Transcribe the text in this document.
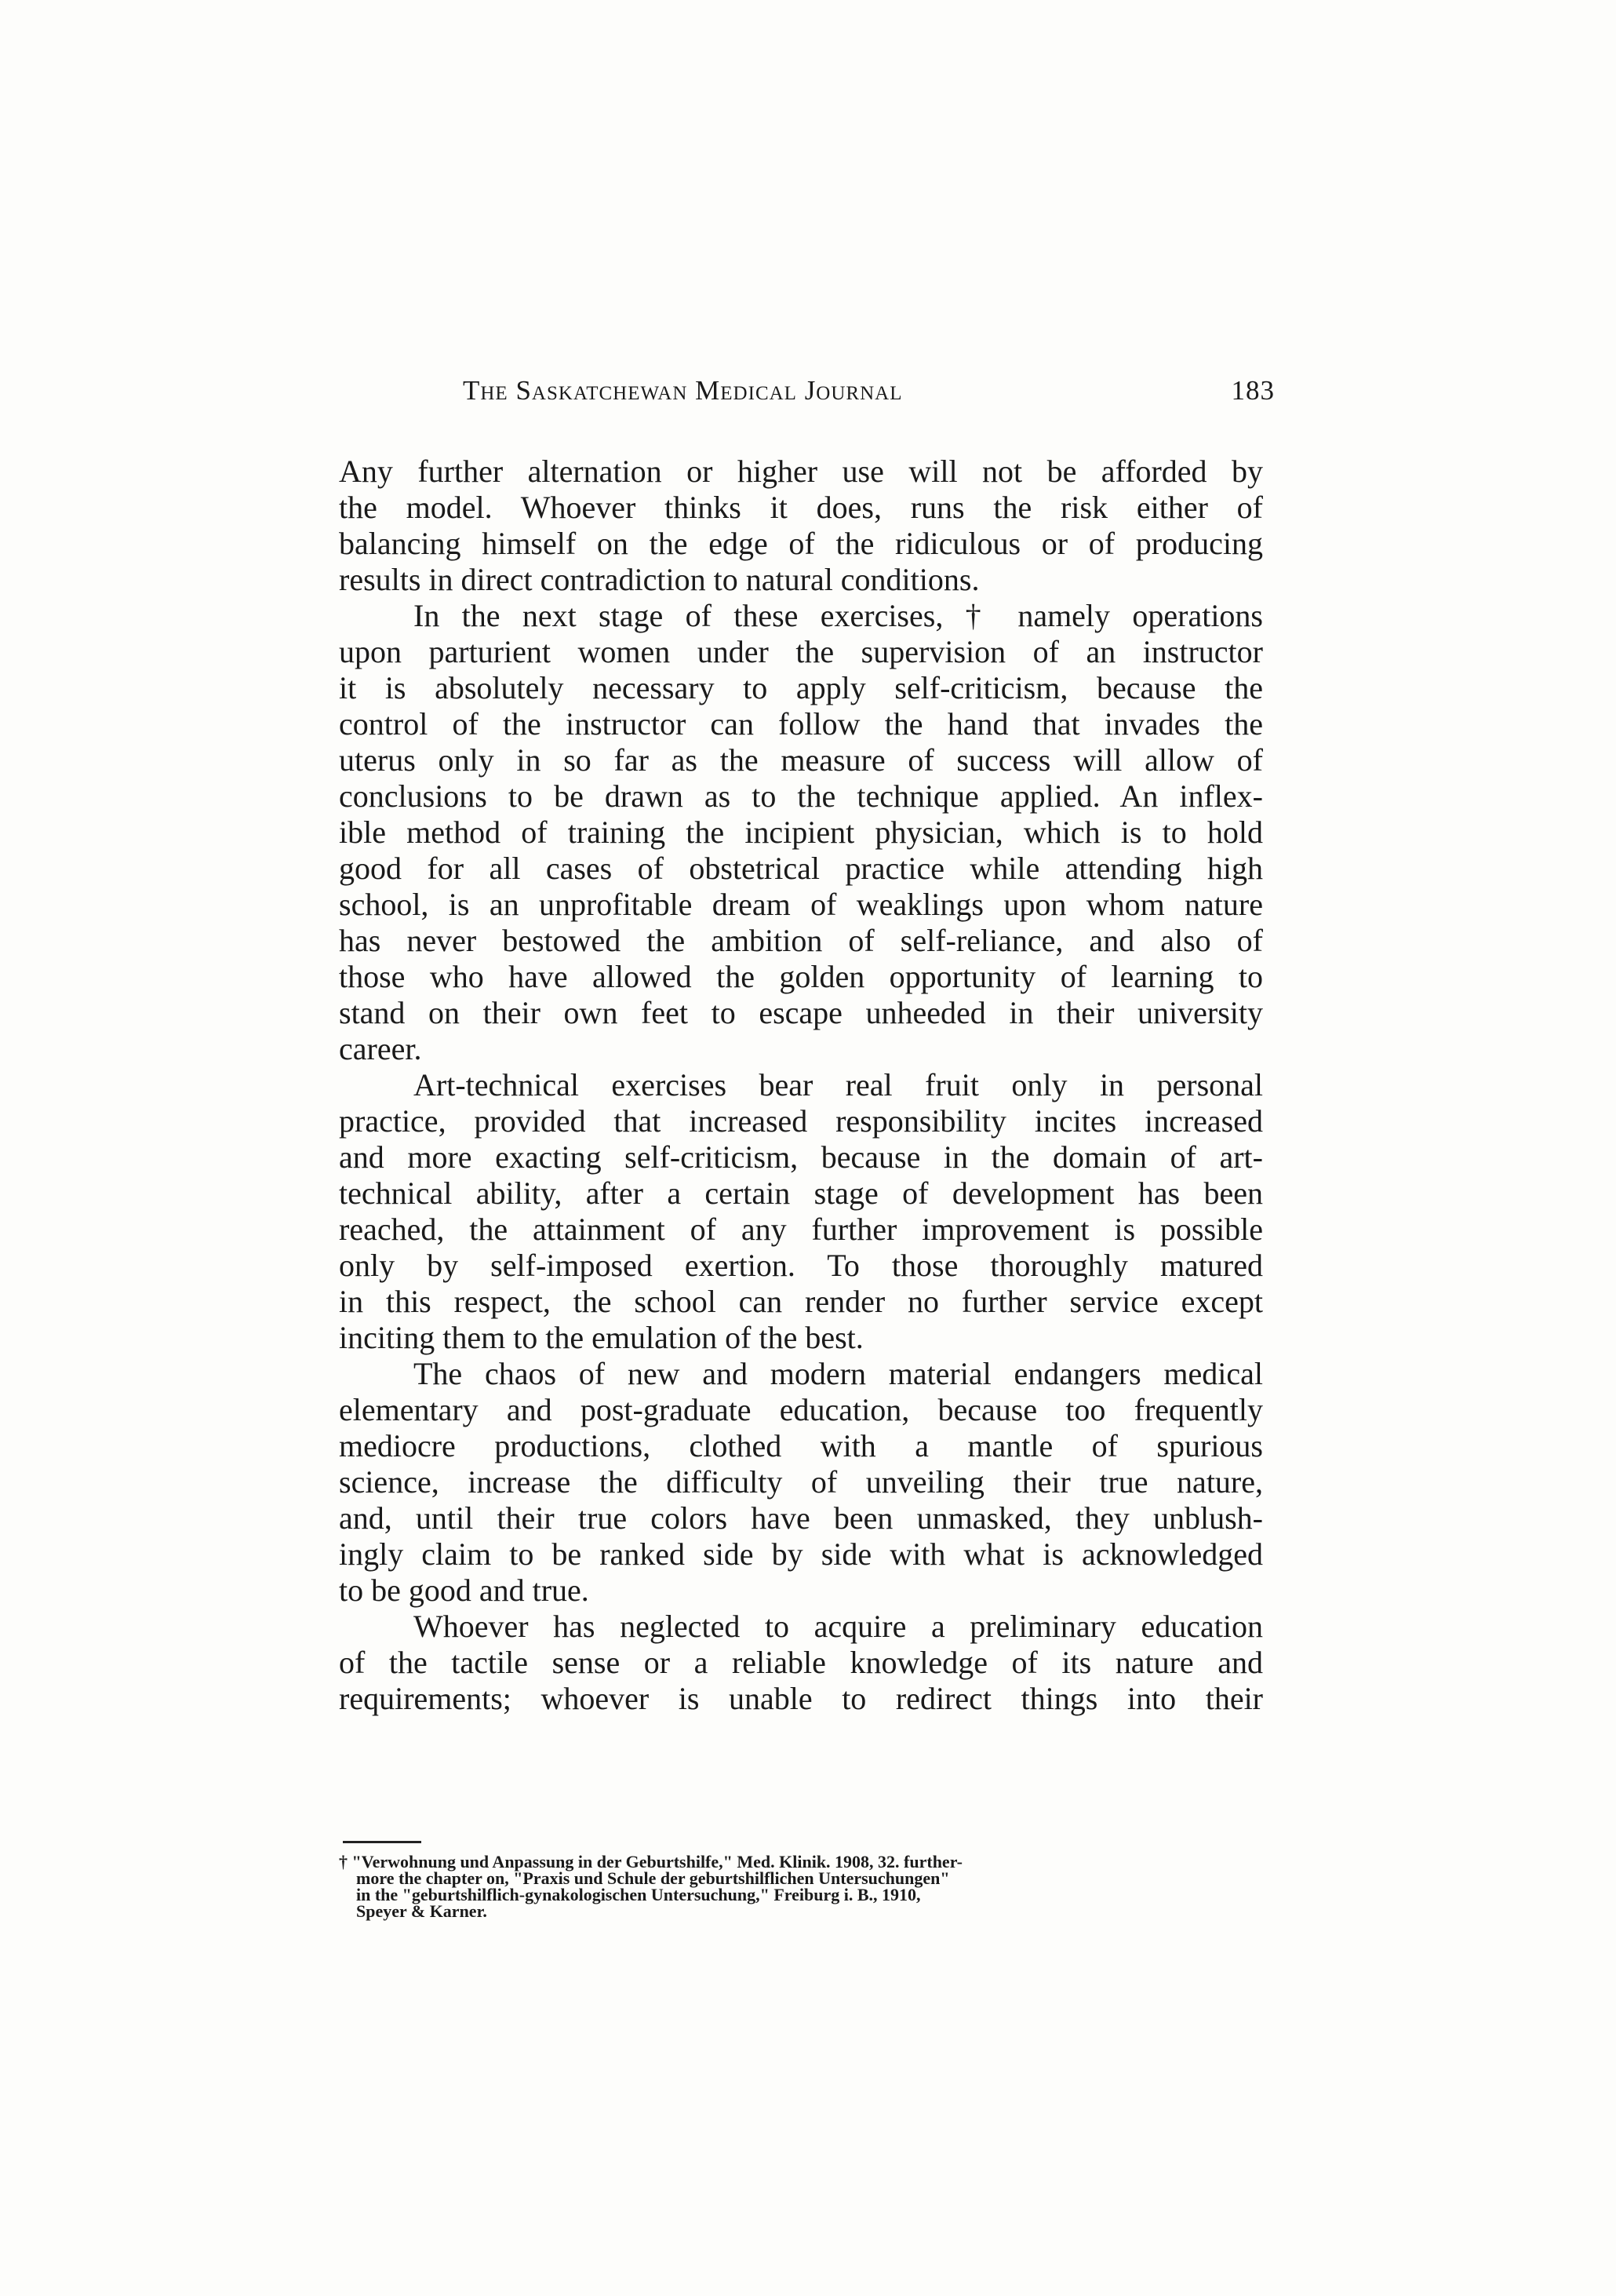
The Saskatchewan Medical Journal	183
Any further alternation or higher use will not be afforded by
the model. Whoever thinks it does, runs the risk either of
balancing himself on the edge of the ridiculous or of producing
results in direct contradiction to natural conditions.
In the next stage of these exercises, † namely operations
upon parturient women under the supervision of an instructor
it is absolutely necessary to apply self-criticism, because the
control of the instructor can follow the hand that invades the
uterus only in so far as the measure of success will allow of
conclusions to be drawn as to the technique applied. An inflex-
ible method of training the incipient physician, which is to hold
good for all cases of obstetrical practice while attending high
school, is an unprofitable dream of weaklings upon whom nature
has never bestowed the ambition of self-reliance, and also of
those who have allowed the golden opportunity of learning to
stand on their own feet to escape unheeded in their university
career.
Art-technical exercises bear real fruit only in personal
practice, provided that increased responsibility incites increased
and more exacting self-criticism, because in the domain of art-
technical ability, after a certain stage of development has been
reached, the attainment of any further improvement is possible
only by self-imposed exertion. To those thoroughly matured
in this respect, the school can render no further service except
inciting them to the emulation of the best.
The chaos of new and modern material endangers medical
elementary and post-graduate education, because too frequently
mediocre productions, clothed with a mantle of spurious
science, increase the difficulty of unveiling their true nature,
and, until their true colors have been unmasked, they unblush-
ingly claim to be ranked side by side with what is acknowledged
to be good and true.
Whoever has neglected to acquire a preliminary education
of the tactile sense or a reliable knowledge of its nature and
requirements; whoever is unable to redirect things into their
† "Verwohnung und Anpassung in der Geburtshilfe," Med. Klinik. 1908, 32. further-
more the chapter on, "Praxis und Schule der geburtshilflichen Untersuchungen"
in the "geburtshilflich-gynakologischen Untersuchung," Freiburg i. B., 1910,
Speyer & Karner.
